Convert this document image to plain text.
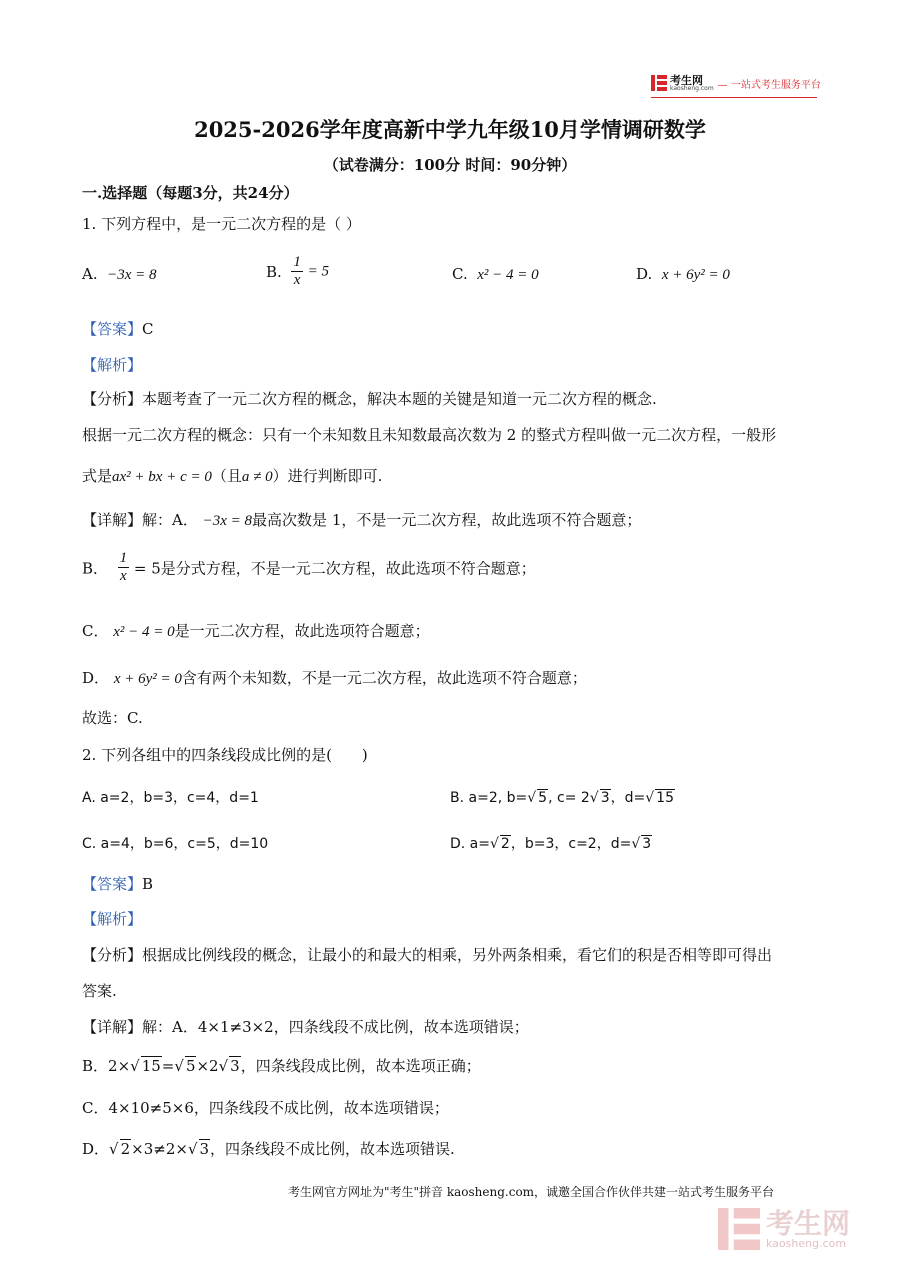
考生网
kaosheng.com — 一站式考生服务平台
2025-2026学年度高新中学九年级10月学情调研数学
（试卷满分：100分 时间：90分钟）
一.选择题（每题3分，共24分）
1. 下列方程中，是一元二次方程的是（ ）
A. −3x = 8	B. $\frac{1}{x} = 5$	C. x² − 4 = 0	D. x + 6y² = 0
【答案】C
【解析】
【分析】本题考查了一元二次方程的概念，解决本题的关键是知道一元二次方程的概念.
根据一元二次方程的概念：只有一个未知数且未知数最高次数为 2 的整式方程叫做一元二次方程，一般形
式是ax² + bx + c = 0（且a ≠ 0）进行判断即可.
【详解】解：A． −3x = 8最高次数是 1，不是一元二次方程，故此选项不符合题意；
B． $\frac{1}{x} = 5$是分式方程，不是一元二次方程，故此选项不符合题意；
C． x² − 4 = 0是一元二次方程，故此选项符合题意；
D． x + 6y² = 0含有两个未知数，不是一元二次方程，故此选项不符合题意；
故选：C.
2. 下列各组中的四条线段成比例的是(　　)
A. a=2，b=3，c=4，d=1	B. a=2, b=√ 5, c= 2√ 3，d=√ 15
C. a=4，b=6，c=5，d=10	D. a=√ 2，b=3，c=2，d=√ 3
【答案】B
【解析】
【分析】根据成比例线段的概念，让最小的和最大的相乘，另外两条相乘，看它们的积是否相等即可得出
答案.
【详解】解：A．4×1≠3×2，四条线段不成比例，故本选项错误；
B．2×√ 15=√ 5×2√ 3，四条线段成比例，故本选项正确；
C．4×10≠5×6，四条线段不成比例，故本选项错误；
D．√ 2×3≠2×√ 3，四条线段不成比例，故本选项错误.
考生网官方网址为"考生"拼音 kaosheng.com，诚邀全国合作伙伴共建一站式考生服务平台
考生网
kaosheng.com
